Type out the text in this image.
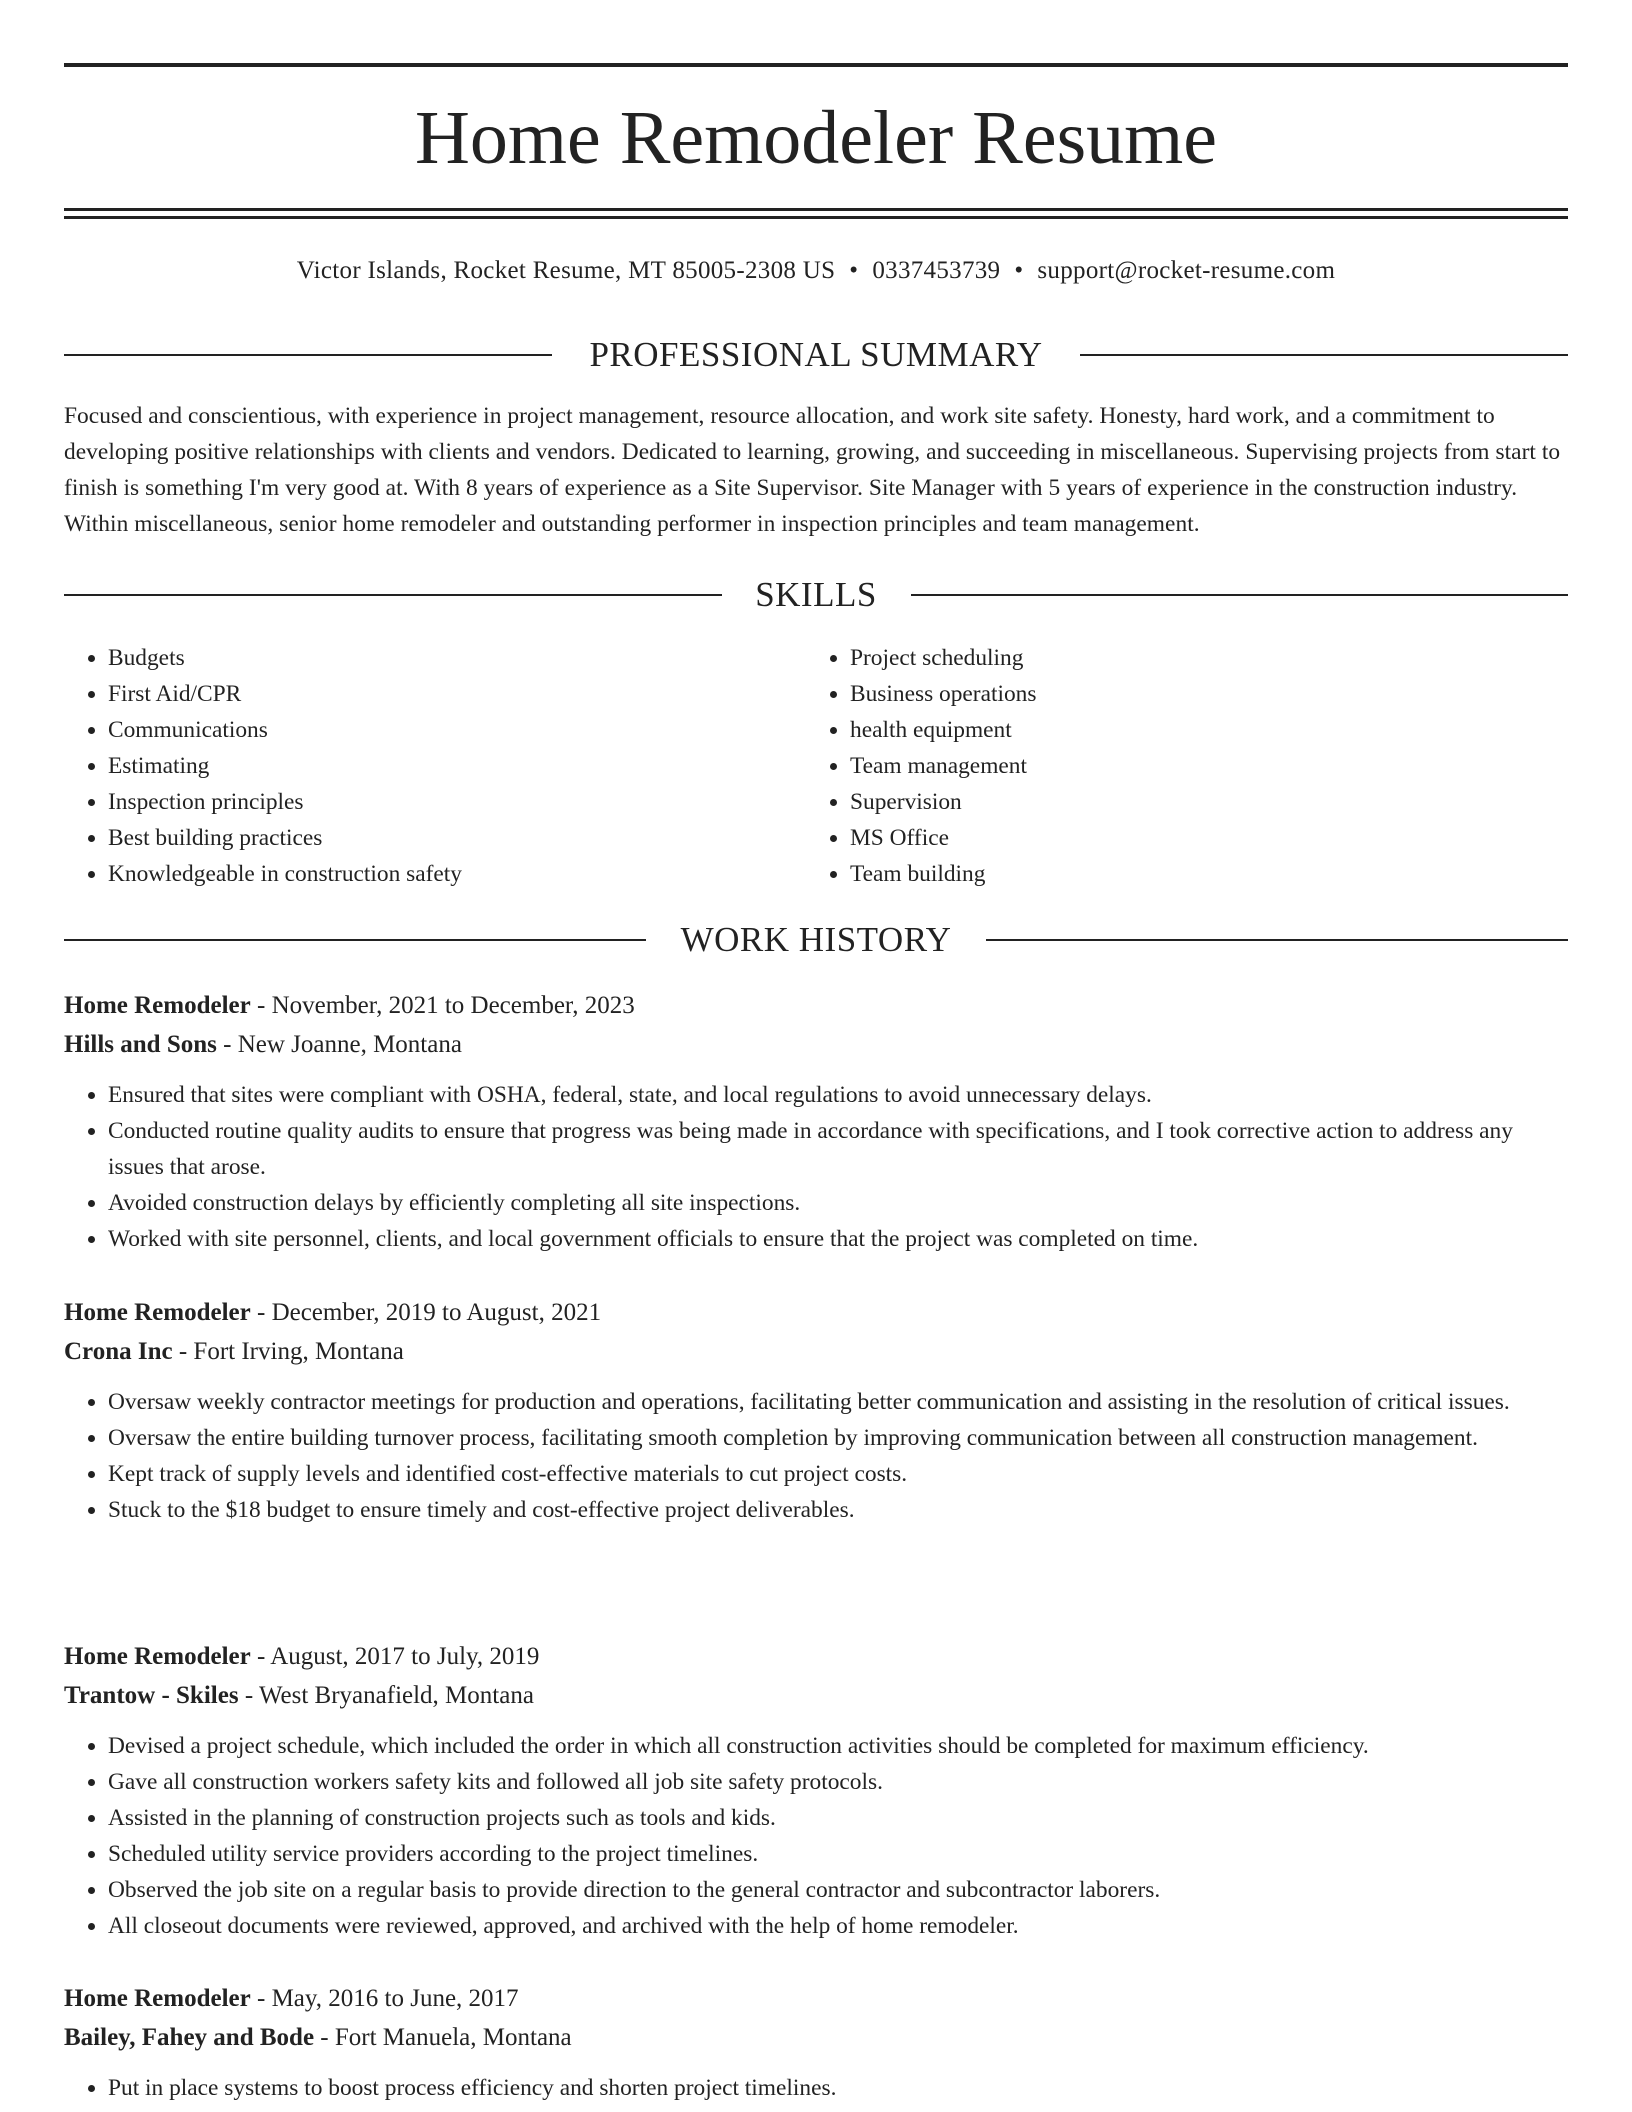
Home Remodeler Resume
Victor Islands, Rocket Resume, MT 85005-2308 US • 0337453739 • support@rocket-resume.com
PROFESSIONAL SUMMARY

Focused and conscientious, with experience in project management, resource allocation, and work site safety. Honesty, hard work, and a commitment to developing positive relationships with clients and vendors. Dedicated to learning, growing, and succeeding in miscellaneous. Supervising projects from start to finish is something I'm very good at. With 8 years of experience as a Site Supervisor. Site Manager with 5 years of experience in the construction industry. Within miscellaneous, senior home remodeler and outstanding performer in inspection principles and team management.

SKILLS
• Budgets
• First Aid/CPR
• Communications
• Estimating
• Inspection principles
• Best building practices
• Knowledgeable in construction safety
• Project scheduling
• Business operations
• health equipment
• Team management
• Supervision
• MS Office
• Team building
WORK HISTORY

Home Remodeler - November, 2021 to December, 2023

Hills and Sons - New Joanne, Montana

• Ensured that sites were compliant with OSHA, federal, state, and local regulations to avoid unnecessary delays.
• Conducted routine quality audits to ensure that progress was being made in accordance with specifications, and I took corrective action to address any issues that arose.
• Avoided construction delays by efficiently completing all site inspections.
• Worked with site personnel, clients, and local government officials to ensure that the project was completed on time.

Home Remodeler - December, 2019 to August, 2021

Crona Inc - Fort Irving, Montana

• Oversaw weekly contractor meetings for production and operations, facilitating better communication and assisting in the resolution of critical issues.
• Oversaw the entire building turnover process, facilitating smooth completion by improving communication between all construction management.
• Kept track of supply levels and identified cost-effective materials to cut project costs.
• Stuck to the $18 budget to ensure timely and cost-effective project deliverables.

Home Remodeler - August, 2017 to July, 2019

Trantow - Skiles - West Bryanafield, Montana

• Devised a project schedule, which included the order in which all construction activities should be completed for maximum efficiency.
• Gave all construction workers safety kits and followed all job site safety protocols.
• Assisted in the planning of construction projects such as tools and kids.
• Scheduled utility service providers according to the project timelines.
• Observed the job site on a regular basis to provide direction to the general contractor and subcontractor laborers.
• All closeout documents were reviewed, approved, and archived with the help of home remodeler.

Home Remodeler - May, 2016 to June, 2017

Bailey, Fahey and Bode - Fort Manuela, Montana

• Put in place systems to boost process efficiency and shorten project timelines.
